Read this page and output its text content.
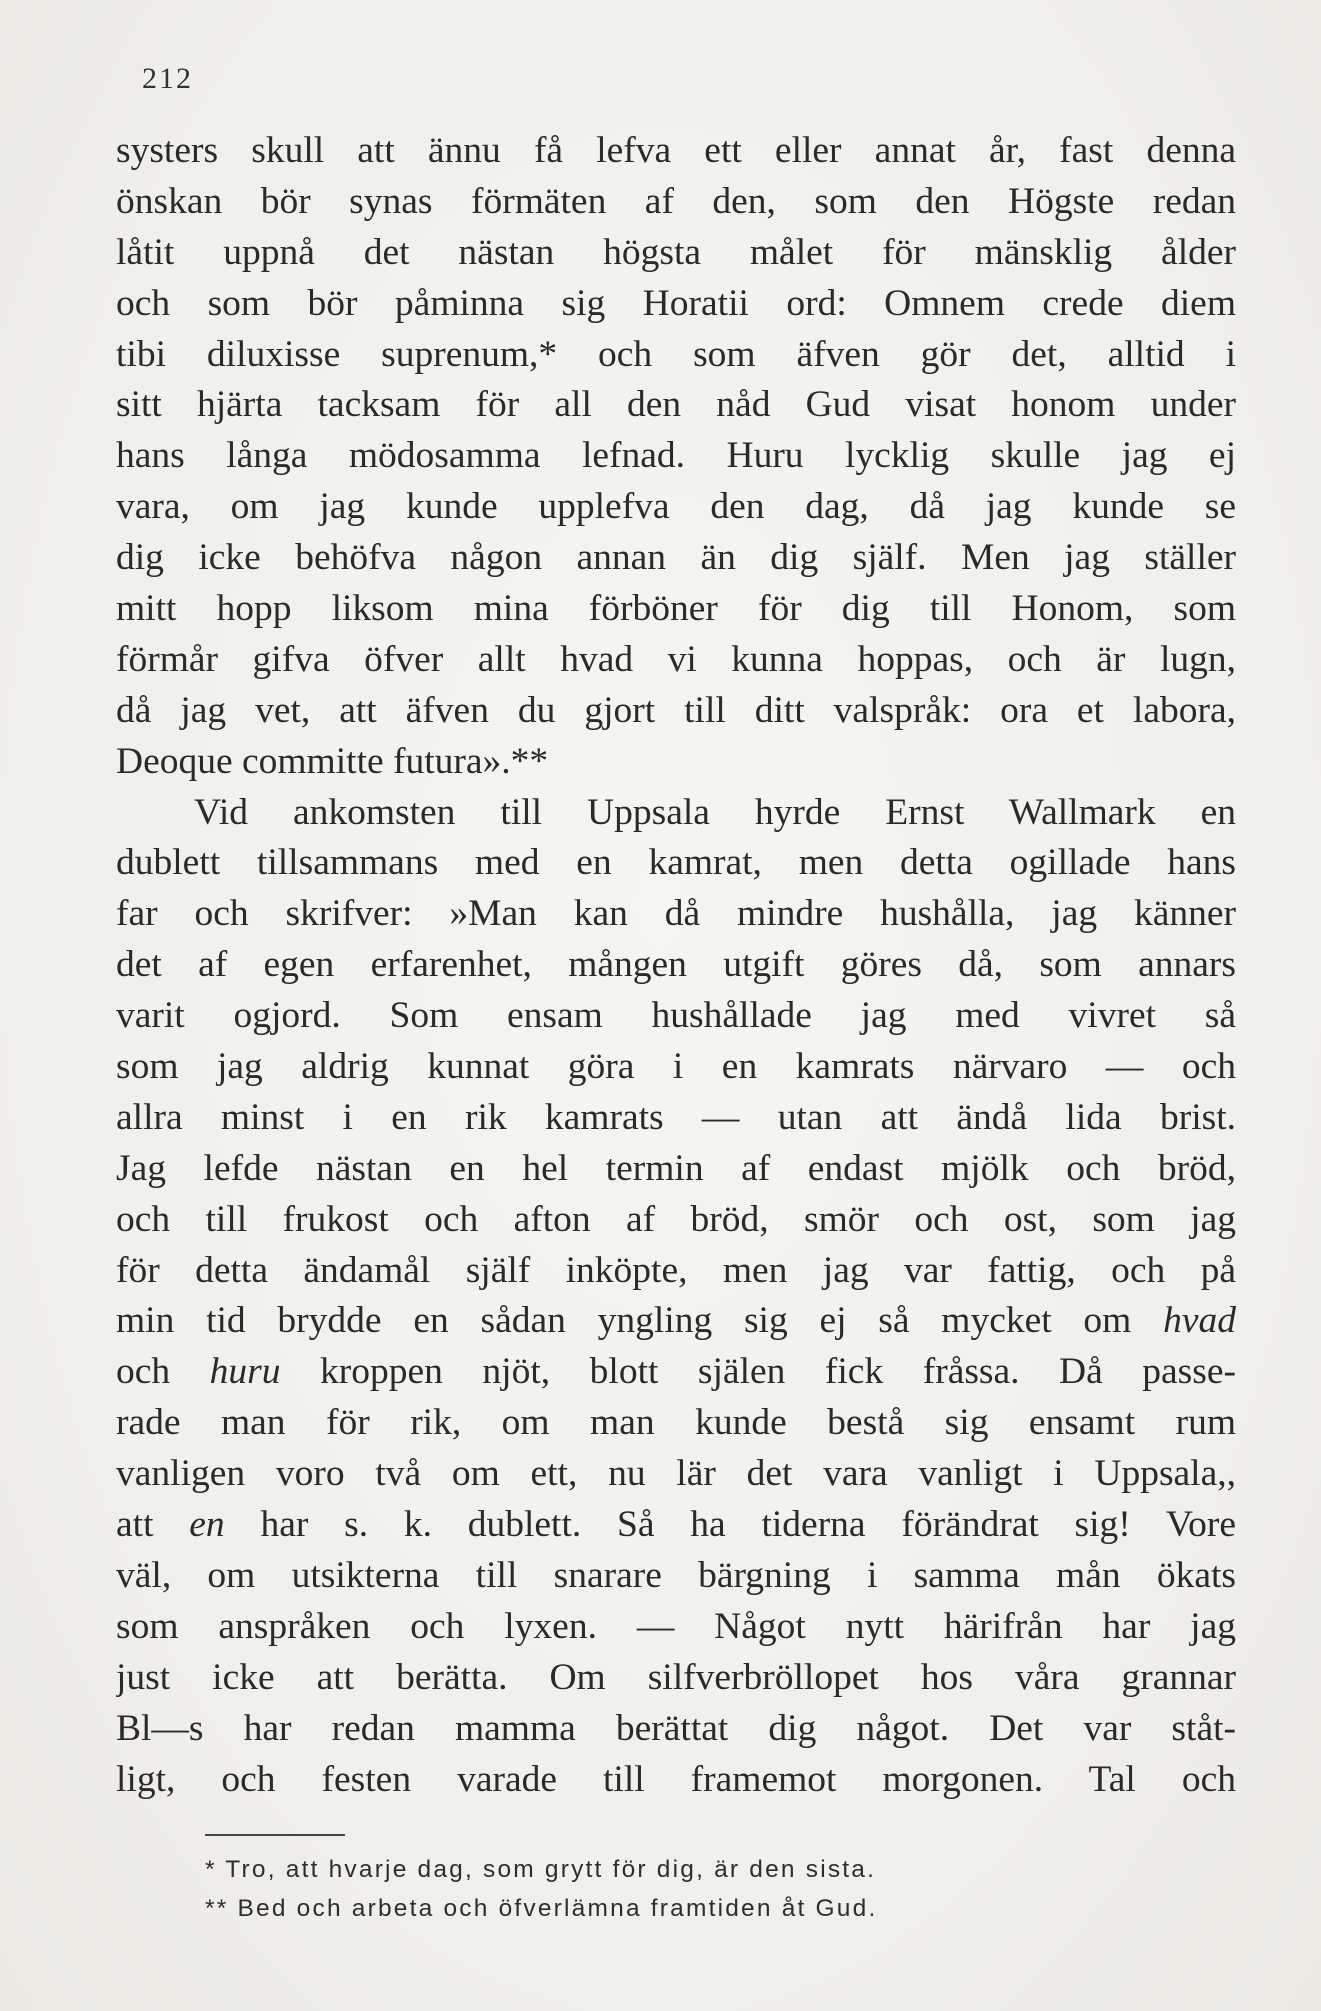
212
systers skull att ännu få lefva ett eller annat år, fast denna
önskan bör synas förmäten af den, som den Högste redan
låtit uppnå det nästan högsta målet för mänsklig ålder
och som bör påminna sig Horatii ord: Omnem crede diem
tibi diluxisse suprenum,* och som äfven gör det, alltid i
sitt hjärta tacksam för all den nåd Gud visat honom under
hans långa mödosamma lefnad. Huru lycklig skulle jag ej
vara, om jag kunde upplefva den dag, då jag kunde se
dig icke behöfva någon annan än dig själf. Men jag ställer
mitt hopp liksom mina förböner för dig till Honom, som
förmår gifva öfver allt hvad vi kunna hoppas, och är lugn,
då jag vet, att äfven du gjort till ditt valspråk: ora et labora,
Deoque committe futura».**
Vid ankomsten till Uppsala hyrde Ernst Wallmark en
dublett tillsammans med en kamrat, men detta ogillade hans
far och skrifver: »Man kan då mindre hushålla, jag känner
det af egen erfarenhet, mången utgift göres då, som annars
varit ogjord. Som ensam hushållade jag med vivret så
som jag aldrig kunnat göra i en kamrats närvaro — och
allra minst i en rik kamrats — utan att ändå lida brist.
Jag lefde nästan en hel termin af endast mjölk och bröd,
och till frukost och afton af bröd, smör och ost, som jag
för detta ändamål själf inköpte, men jag var fattig, och på
min tid brydde en sådan yngling sig ej så mycket om hvad
och huru kroppen njöt, blott själen fick fråssa. Då passe-
rade man för rik, om man kunde bestå sig ensamt rum
vanligen voro två om ett, nu lär det vara vanligt i Uppsala,,
att en har s. k. dublett. Så ha tiderna förändrat sig! Vore
väl, om utsikterna till snarare bärgning i samma mån ökats
som anspråken och lyxen. — Något nytt härifrån har jag
just icke att berätta. Om silfverbröllopet hos våra grannar
Bl—s har redan mamma berättat dig något. Det var ståt-
ligt, och festen varade till framemot morgonen. Tal och
* Tro, att hvarje dag, som grytt för dig, är den sista.
** Bed och arbeta och öfverlämna framtiden åt Gud.
